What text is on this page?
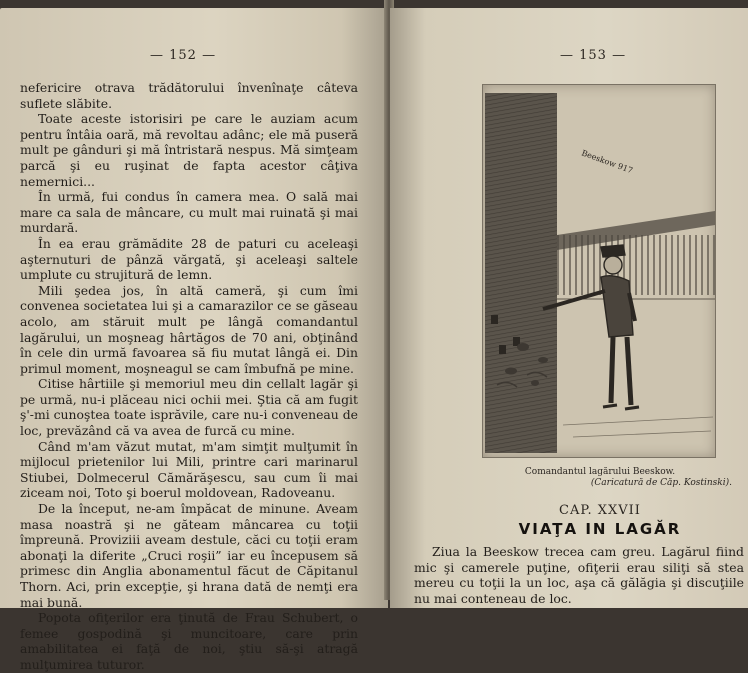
— 152 —

nefericire otrava trădătorului învenînaţe câteva suflete slăbite.

Toate aceste istorisiri pe care le auziam acum pentru întâia oară, mă revoltau adânc; ele mă puseră mult pe gânduri şi mă întristară nespus. Mă simţeam parcă şi eu ruşinat de fapta acestor câţiva nemernici...

În urmă, fui condus în camera mea. O sală mai mare ca sala de mâncare, cu mult mai ruinată şi mai murdară.

În ea erau grămădite 28 de paturi cu aceleaşi aşternuturi de pânză vărgată, şi aceleaşi saltele umplute cu strujitură de lemn.

Mili şedea jos, în altă cameră, şi cum îmi convenea societatea lui şi a camarazilor ce se găseau acolo, am stăruit mult pe lângă comandantul lagărului, un moşneag hârtăgos de 70 ani, obţinând în cele din urmă favoarea să fiu mutat lângă ei. Din primul moment, moşneagul se cam îmbufnă pe mine.

Citise hârtiile şi memoriul meu din cellalt lagăr şi pe urmă, nu-i plăceau nici ochii mei. Ştia că am fugit ş'-mi cunoştea toate isprăvile, care nu-i conveneau de loc, prevăzând că va avea de furcă cu mine.

Când m'am văzut mutat, m'am simţit mulţumit în mijlocul prietenilor lui Mili, printre cari marinarul Stiubei, Dolmecerul Cămărăşescu, sau cum îi mai ziceam noi, Toto şi boerul moldovean, Radoveanu.

De la început, ne-am împăcat de minune. Aveam masa noastră şi ne găteam mâncarea cu toţii împreună. Proviziii aveam destule, căci cu toţii eram abonaţi la diferite „Cruci roşii” iar eu începusem să primesc din Anglia abonamentul făcut de Căpitanul Thorn. Aci, prin excepţie, şi hrana dată de nemţi era mai bună.

Popota ofiţerilor era ţinută de Frau Schubert, o femee gospodină şi muncitoare, care prin amabilitatea ei faţă de noi, ştiu să-şi atragă mulţumirea tuturor.

— 153 —
Beeskow 917
Comandantul lagărului Beeskow.
(Caricatură de Căp. Kostinski).
CAP. XXVII
VIAŢA IN LAGĂR

Ziua la Beeskow trecea cam greu. Lagărul fiind mic şi camerele puţine, ofiţerii erau siliţi să stea mereu cu toţii la un loc, aşa că gălăgia şi discuţiile nu mai conteneau de loc.
